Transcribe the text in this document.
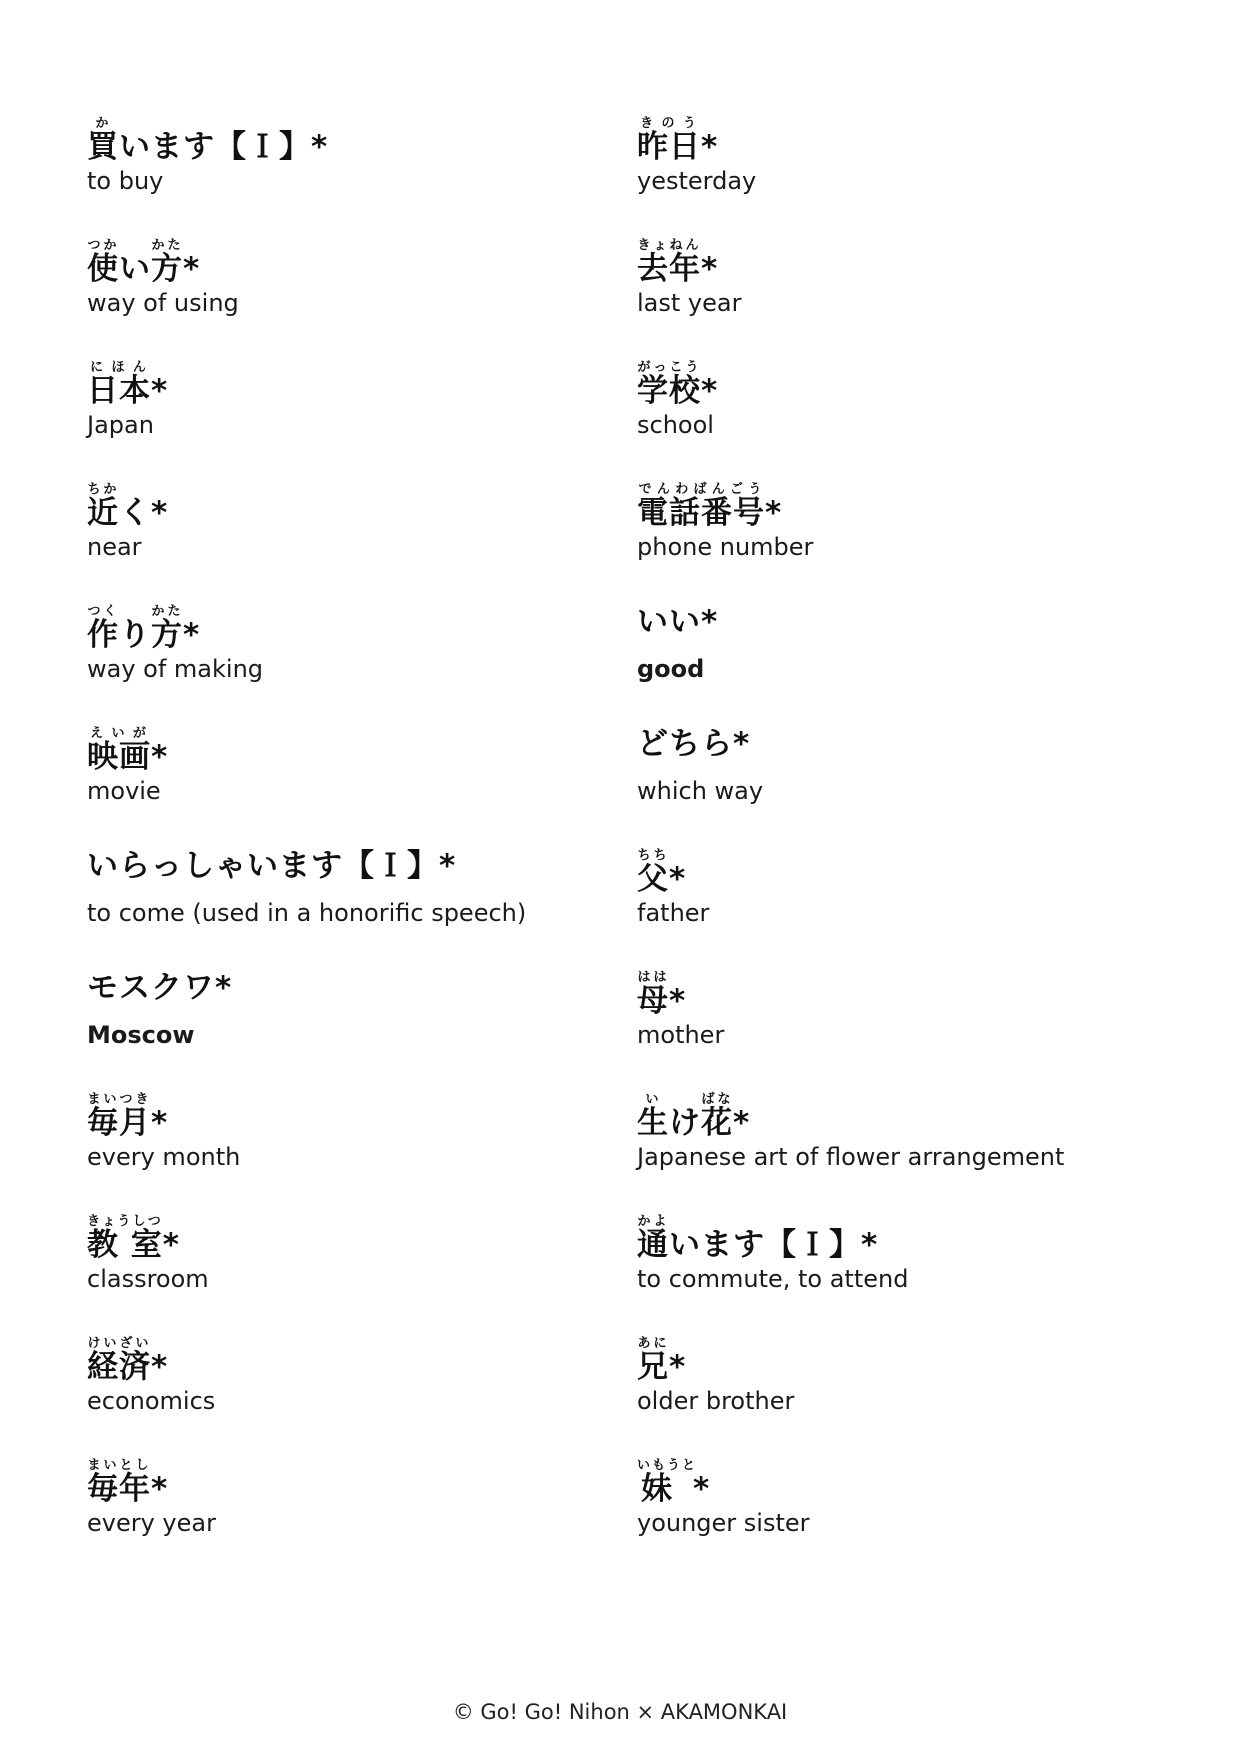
買かいます【Ｉ】*
to buy
使つかい方かた*
way of using
日本にほん*
Japan
近ちかく*
near
作つくり方かた*
way of making
映画えいが*
movie
いらっしゃいます【Ｉ】*
to come (used in a honorific speech)
モスクワ*
Moscow
毎月まいつき*
every month
教 室きょうしつ*
classroom
経済けいざい*
economics
毎年まいとし*
every year
昨日きのう*
yesterday
去年きょねん*
last year
学校がっこう*
school
電話番号でんわばんごう*
phone number
いい*
good
どちら*
which way
父ちち*
father
母はは*
mother
生いけ花ばな*
Japanese art of flower arrangement
通かよいます【Ｉ】*
to commute, to attend
兄あに*
older brother
妹 いもうと*
younger sister
© Go! Go! Nihon × AKAMONKAI
